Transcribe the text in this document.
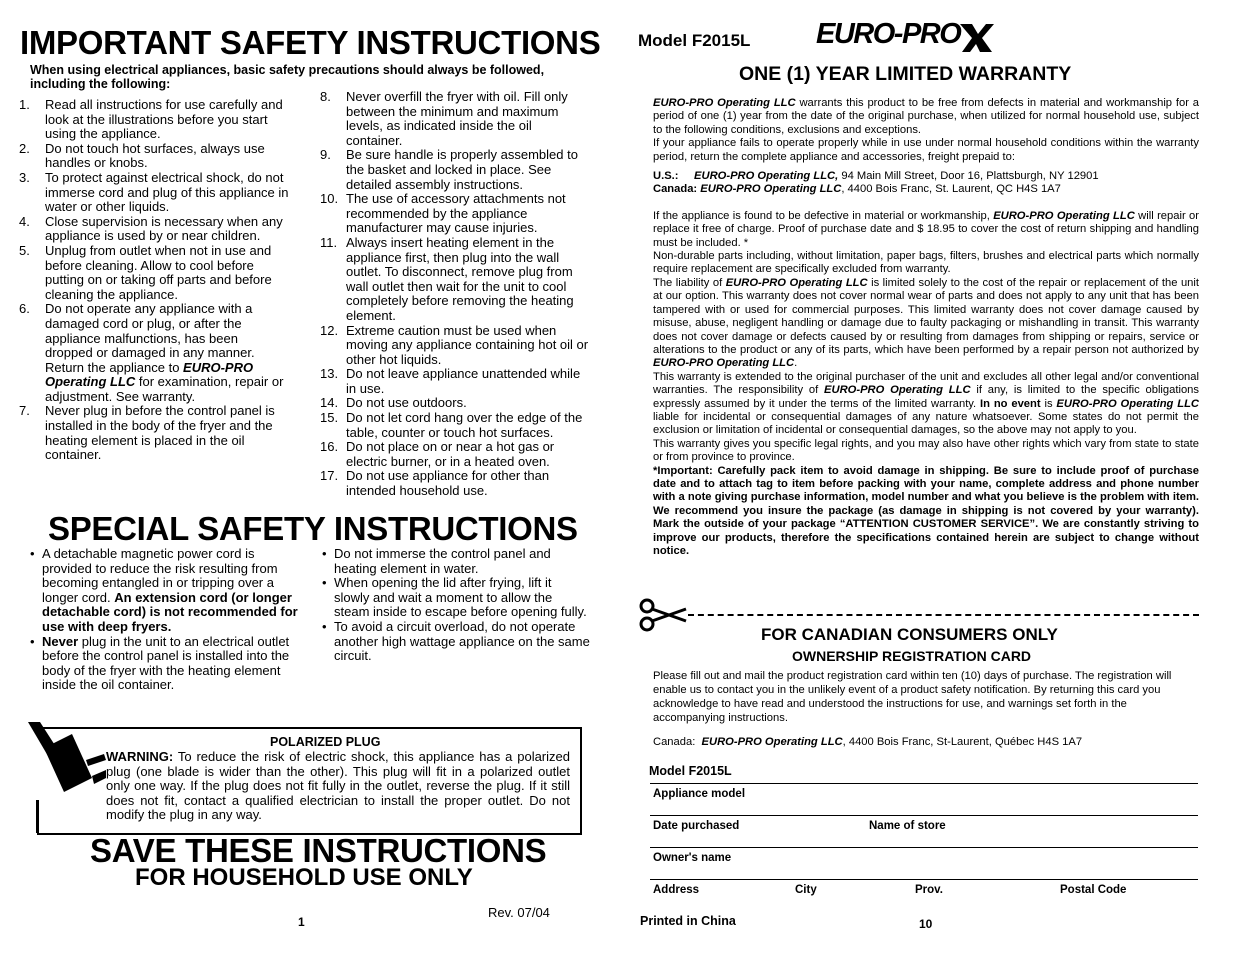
IMPORTANT SAFETY INSTRUCTIONS
When using electrical appliances, basic safety precautions should always be followed, including the following:
1. Read all instructions for use carefully and look at the illustrations before you start using the appliance.
2. Do not touch hot surfaces, always use handles or knobs.
3. To protect against electrical shock, do not immerse cord and plug of this appliance in water or other liquids.
4. Close supervision is necessary when any appliance is used by or near children.
5. Unplug from outlet when not in use and before cleaning. Allow to cool before putting on or taking off parts and before cleaning the appliance.
6. Do not operate any appliance with a damaged cord or plug, or after the appliance malfunctions, has been dropped or damaged in any manner. Return the appliance to EURO-PRO Operating LLC for examination, repair or adjustment. See warranty.
7. Never plug in before the control panel is installed in the body of the fryer and the heating element is placed in the oil container.
8. Never overfill the fryer with oil. Fill only between the minimum and maximum levels, as indicated inside the oil container.
9. Be sure handle is properly assembled to the basket and locked in place. See detailed assembly instructions.
10. The use of accessory attachments not recommended by the appliance manufacturer may cause injuries.
11. Always insert heating element in the appliance first, then plug into the wall outlet. To disconnect, remove plug from wall outlet then wait for the unit to cool completely before removing the heating element.
12. Extreme caution must be used when moving any appliance containing hot oil or other hot liquids.
13. Do not leave appliance unattended while in use.
14. Do not use outdoors.
15. Do not let cord hang over the edge of the table, counter or touch hot surfaces.
16. Do not place on or near a hot gas or electric burner, or in a heated oven.
17. Do not use appliance for other than intended household use.
SPECIAL SAFETY INSTRUCTIONS
• A detachable magnetic power cord is provided to reduce the risk resulting from becoming entangled in or tripping over a longer cord. An extension cord (or longer detachable cord) is not recommended for use with deep fryers.
• Never plug in the unit to an electrical outlet before the control panel is installed into the body of the fryer with the heating element inside the oil container.
• Do not immerse the control panel and heating element in water.
• When opening the lid after frying, lift it slowly and wait a moment to allow the steam inside to escape before opening fully.
• To avoid a circuit overload, do not operate another high wattage appliance on the same circuit.
POLARIZED PLUG
WARNING: To reduce the risk of electric shock, this appliance has a polarized plug (one blade is wider than the other). This plug will fit in a polarized outlet only one way. If the plug does not fit fully in the outlet, reverse the plug. If it still does not fit, contact a qualified electrician to install the proper outlet. Do not modify the plug in any way.
SAVE THESE INSTRUCTIONS
FOR HOUSEHOLD USE ONLY
Rev. 07/04
1
Model F2015L EURO-PRO
ONE (1) YEAR LIMITED WARRANTY

EURO-PRO Operating LLC warrants this product to be free from defects in material and workmanship for a period of one (1) year from the date of the original purchase, when utilized for normal household use, subject to the following conditions, exclusions and exceptions.

If your appliance fails to operate properly while in use under normal household conditions within the warranty period, return the complete appliance and accessories, freight prepaid to:

U.S.: EURO-PRO Operating LLC, 94 Main Mill Street, Door 16, Plattsburgh, NY 12901

Canada: EURO-PRO Operating LLC, 4400 Bois Franc, St. Laurent, QC H4S 1A7

If the appliance is found to be defective in material or workmanship, EURO-PRO Operating LLC will repair or replace it free of charge. Proof of purchase date and $ 18.95 to cover the cost of return shipping and handling must be included. *

Non-durable parts including, without limitation, paper bags, filters, brushes and electrical parts which normally require replacement are specifically excluded from warranty.

The liability of EURO-PRO Operating LLC is limited solely to the cost of the repair or replacement of the unit at our option. This warranty does not cover normal wear of parts and does not apply to any unit that has been tampered with or used for commercial purposes. This limited warranty does not cover damage caused by misuse, abuse, negligent handling or damage due to faulty packaging or mishandling in transit. This warranty does not cover damage or defects caused by or resulting from damages from shipping or repairs, service or alterations to the product or any of its parts, which have been performed by a repair person not authorized by EURO-PRO Operating LLC.

This warranty is extended to the original purchaser of the unit and excludes all other legal and/or conventional warranties. The responsibility of EURO-PRO Operating LLC if any, is limited to the specific obligations expressly assumed by it under the terms of the limited warranty. In no event is EURO-PRO Operating LLC liable for incidental or consequential damages of any nature whatsoever. Some states do not permit the exclusion or limitation of incidental or consequential damages, so the above may not apply to you.

This warranty gives you specific legal rights, and you may also have other rights which vary from state to state or from province to province.

*Important: Carefully pack item to avoid damage in shipping. Be sure to include proof of purchase date and to attach tag to item before packing with your name, complete address and phone number with a note giving purchase information, model number and what you believe is the problem with item. We recommend you insure the package (as damage in shipping is not covered by your warranty). Mark the outside of your package “ATTENTION CUSTOMER SERVICE”. We are constantly striving to improve our products, therefore the specifications contained herein are subject to change without notice.

FOR CANADIAN CONSUMERS ONLY
OWNERSHIP REGISTRATION CARD
Please fill out and mail the product registration card within ten (10) days of purchase. The registration will enable us to contact you in the unlikely event of a product safety notification. By returning this card you acknowledge to have read and understood the instructions for use, and warnings set forth in the accompanying instructions.
Canada: EURO-PRO Operating LLC, 4400 Bois Franc, St-Laurent, Québec H4S 1A7
Model F2015L
Appliance model
Date purchased	Name of store
Owner's name
Address	City	Prov.	Postal Code
Printed in China	10
